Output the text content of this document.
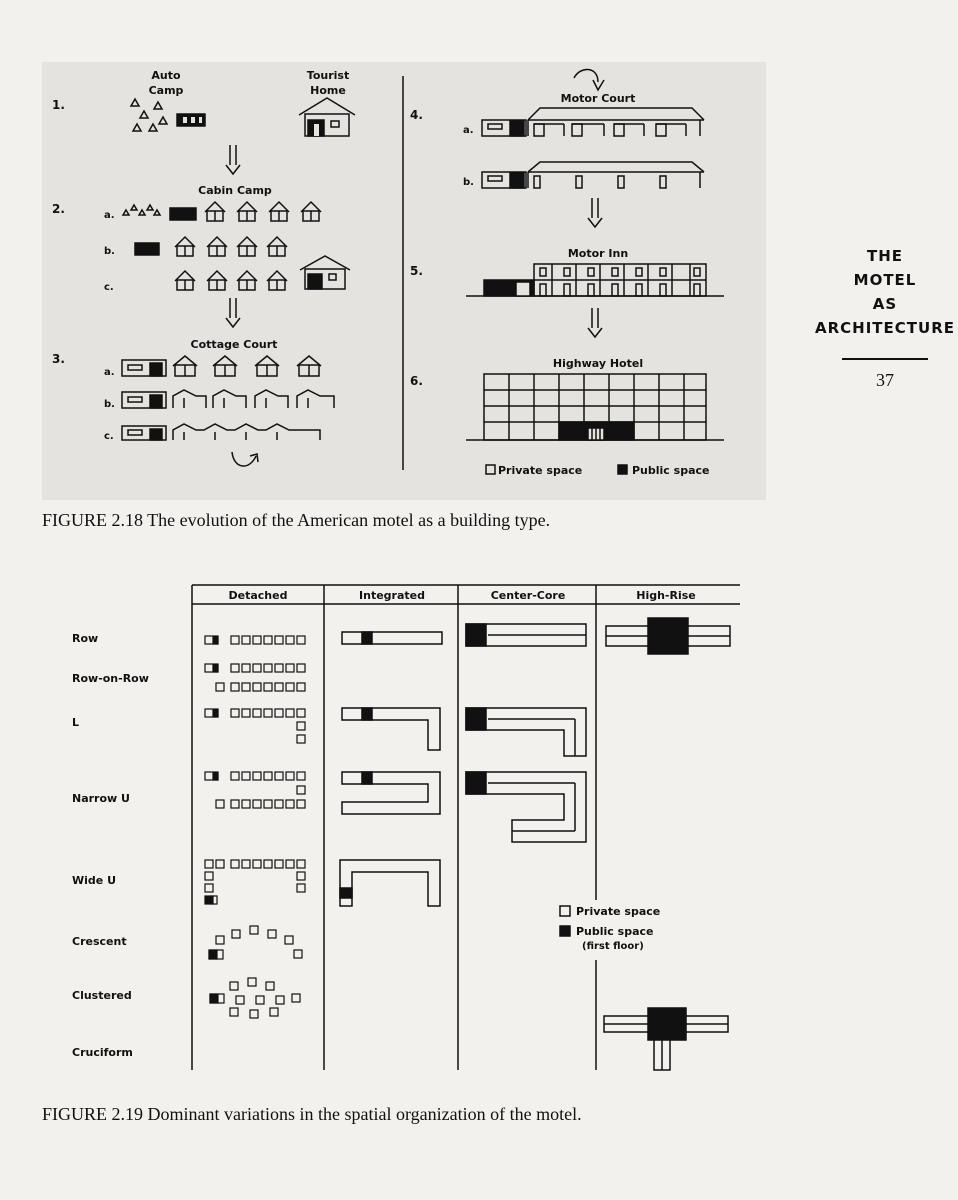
1.
Auto
Camp
Tourist
Home
2.
Cabin Camp
a.
b.
c.
3.
Cottage Court
a.
b.
c.
4.
Motor Court
a.
b.
5.
Motor Inn
6.
Highway Hotel
Private space	Public space
FIGURE 2.18 The evolution of the American motel as a building type.
THE
MOTEL
AS
ARCHITECTURE
37
Detached	Integrated	Center-Core	High-Rise
Row
Row-on-Row
L
Narrow U
Wide U
Crescent
Clustered
Cruciform
Private space
Public space
(first floor)
FIGURE 2.19 Dominant variations in the spatial organization of the motel.
